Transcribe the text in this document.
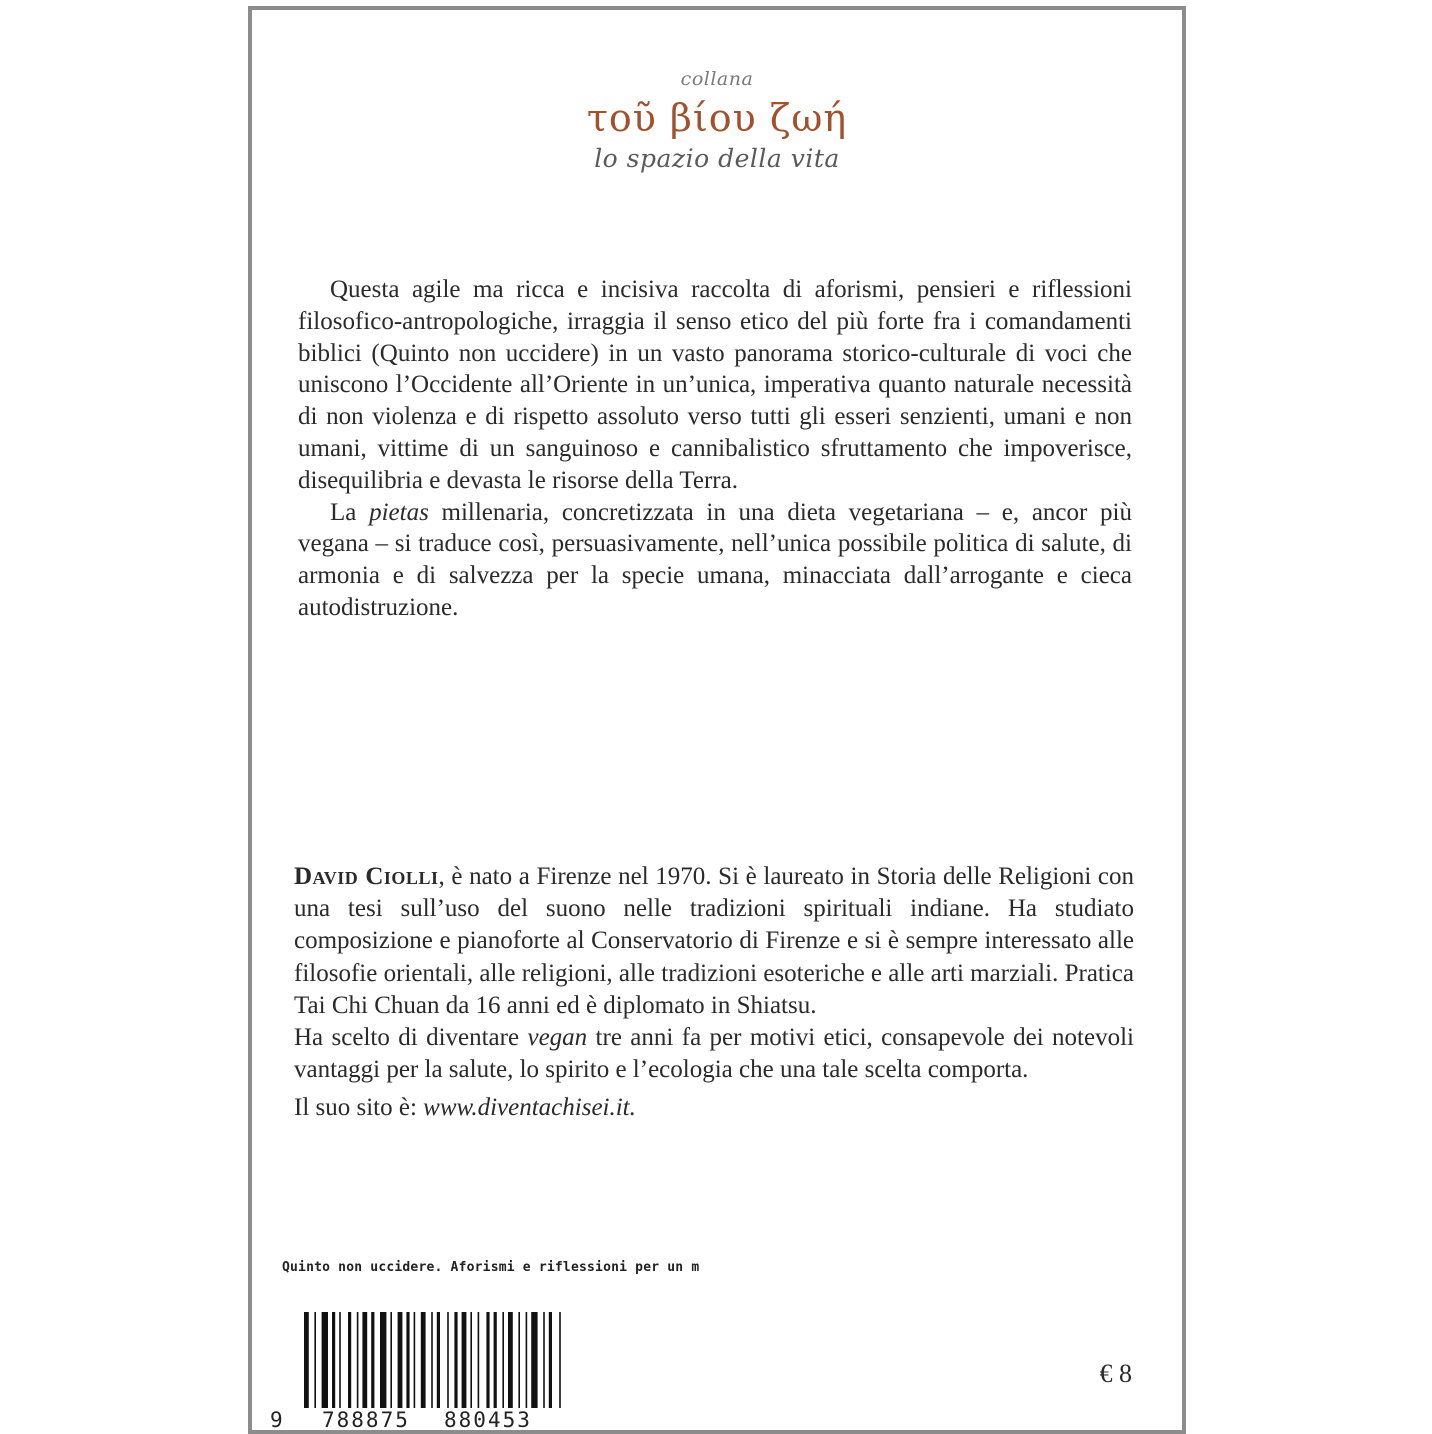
collana
τοῦ βίου ζωή
lo spazio della vita

Questa agile ma ricca e incisiva raccolta di aforismi, pensieri e riflessioni filosofico-antropologiche, irraggia il senso etico del più forte fra i comandamenti biblici (Quinto non uccidere) in un vasto panorama storico-culturale di voci che uniscono l’Occidente all’Oriente in un’unica, imperativa quanto naturale necessità di non violenza e di rispetto assoluto verso tutti gli esseri senzienti, umani e non umani, vittime di un sanguinoso e cannibalistico sfruttamento che impoverisce, disequilibria e devasta le risorse della Terra.

La pietas millenaria, concretizzata in una dieta vegetariana – e, ancor più vegana – si traduce così, persuasivamente, nell’unica possibile politica di salute, di armonia e di salvezza per la specie umana, minacciata dall’arrogante e cieca autodistruzione.

David Ciolli, è nato a Firenze nel 1970. Si è laureato in Storia delle Religioni con una tesi sull’uso del suono nelle tradizioni spirituali indiane. Ha studiato composizione e pianoforte al Conservatorio di Firenze e si è sempre interessato alle filosofie orientali, alle religioni, alle tradizioni esoteriche e alle arti marziali. Pratica Tai Chi Chuan da 16 anni ed è diplomato in Shiatsu.

Ha scelto di diventare vegan tre anni fa per motivi etici, consapevole dei notevoli vantaggi per la salute, lo spirito e l’ecologia che una tale scelta comporta.

Il suo sito è: www.diventachisei.it.

Quinto non uccidere. Aforismi e riflessioni per un m
9 788875 880453
€ 8
